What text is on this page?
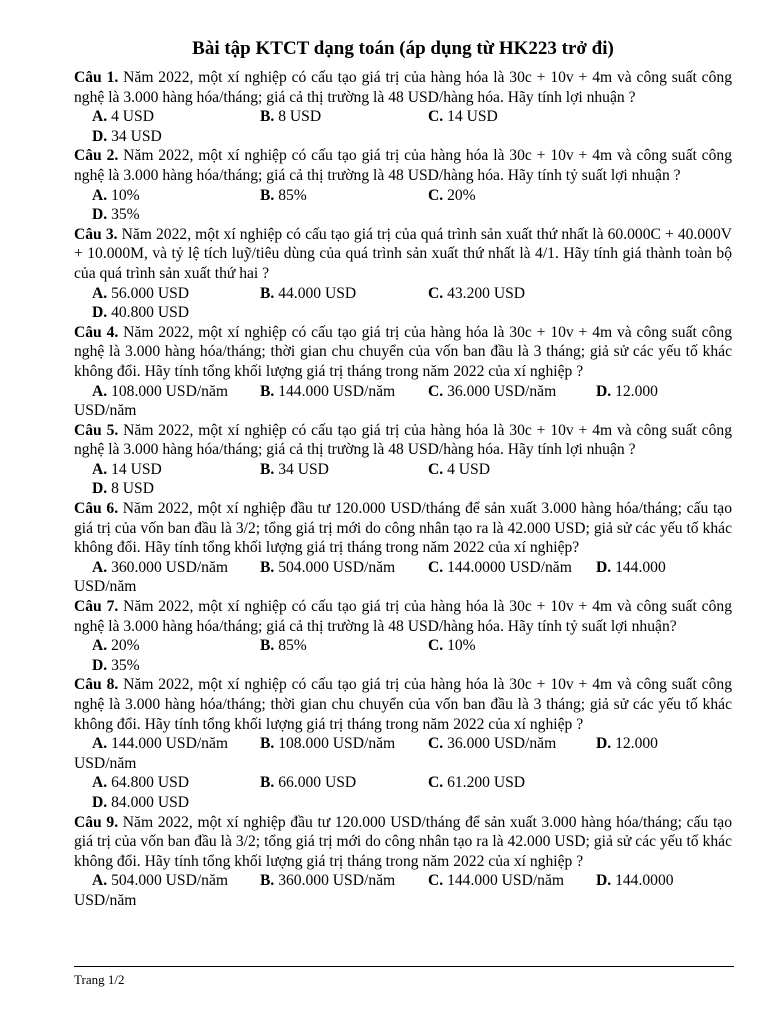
Bài tập KTCT dạng toán (áp dụng từ HK223 trở đi)
Câu 1. Năm 2022, một xí nghiệp có cấu tạo giá trị của hàng hóa là 30c + 10v + 4m và công suất công nghệ là 3.000 hàng hóa/tháng; giá cả thị trường là 48 USD/hàng hóa. Hãy tính lợi nhuận ?
A. 4 USD	B. 8 USD	C. 14 USD
D. 34 USD
Câu 2. Năm 2022, một xí nghiệp có cấu tạo giá trị của hàng hóa là 30c + 10v + 4m và công suất công nghệ là 3.000 hàng hóa/tháng; giá cả thị trường là 48 USD/hàng hóa. Hãy tính tỷ suất lợi nhuận ?
A. 10%	B. 85%	C. 20%
D. 35%
Câu 3. Năm 2022, một xí nghiệp có cấu tạo giá trị của quá trình sản xuất thứ nhất là 60.000C + 40.000V + 10.000M, và tỷ lệ tích luỹ/tiêu dùng của quá trình sản xuất thứ nhất là 4/1. Hãy tính giá thành toàn bộ của quá trình sản xuất thứ hai ?
A. 56.000 USD	B. 44.000 USD	C. 43.200 USD
D. 40.800 USD
Câu 4. Năm 2022, một xí nghiệp có cấu tạo giá trị của hàng hóa là 30c + 10v + 4m và công suất công nghệ là 3.000 hàng hóa/tháng; thời gian chu chuyển của vốn ban đầu là 3 tháng; giả sử các yếu tố khác không đổi. Hãy tính tổng khối lượng giá trị tháng trong năm 2022 của xí nghiệp ?
A. 108.000 USD/năm B. 144.000 USD/năm C. 36.000 USD/năm	D. 12.000
USD/năm
Câu 5. Năm 2022, một xí nghiệp có cấu tạo giá trị của hàng hóa là 30c + 10v + 4m và công suất công nghệ là 3.000 hàng hóa/tháng; giá cả thị trường là 48 USD/hàng hóa. Hãy tính lợi nhuận ?
A. 14 USD	B. 34 USD	C. 4 USD
D. 8 USD
Câu 6. Năm 2022, một xí nghiệp đầu tư 120.000 USD/tháng để sản xuất 3.000 hàng hóa/tháng; cấu tạo giá trị của vốn ban đầu là 3/2; tổng giá trị mới do công nhân tạo ra là 42.000 USD; giả sử các yếu tố khác không đổi. Hãy tính tổng khối lượng giá trị tháng trong năm 2022 của xí nghiệp?
A. 360.000 USD/năm B. 504.000 USD/năm C. 144.0000 USD/năm D. 144.000
USD/năm
Câu 7. Năm 2022, một xí nghiệp có cấu tạo giá trị của hàng hóa là 30c + 10v + 4m và công suất công nghệ là 3.000 hàng hóa/tháng; giá cả thị trường là 48 USD/hàng hóa. Hãy tính tỷ suất lợi nhuận?
A. 20%	B. 85%	C. 10%
D. 35%
Câu 8. Năm 2022, một xí nghiệp có cấu tạo giá trị của hàng hóa là 30c + 10v + 4m và công suất công nghệ là 3.000 hàng hóa/tháng; thời gian chu chuyển của vốn ban đầu là 3 tháng; giả sử các yếu tố khác không đổi. Hãy tính tổng khối lượng giá trị tháng trong năm 2022 của xí nghiệp ?
A. 144.000 USD/năm B. 108.000 USD/năm C. 36.000 USD/năm	D. 12.000
USD/năm
A. 64.800 USD	B. 66.000 USD	C. 61.200 USD
D. 84.000 USD
Câu 9. Năm 2022, một xí nghiệp đầu tư 120.000 USD/tháng để sản xuất 3.000 hàng hóa/tháng; cấu tạo giá trị của vốn ban đầu là 3/2; tổng giá trị mới do công nhân tạo ra là 42.000 USD; giả sử các yếu tố khác không đổi. Hãy tính tổng khối lượng giá trị tháng trong năm 2022 của xí nghiệp ?
A. 504.000 USD/năm B. 360.000 USD/năm C. 144.000 USD/năm D. 144.0000
USD/năm
Trang 1/2
